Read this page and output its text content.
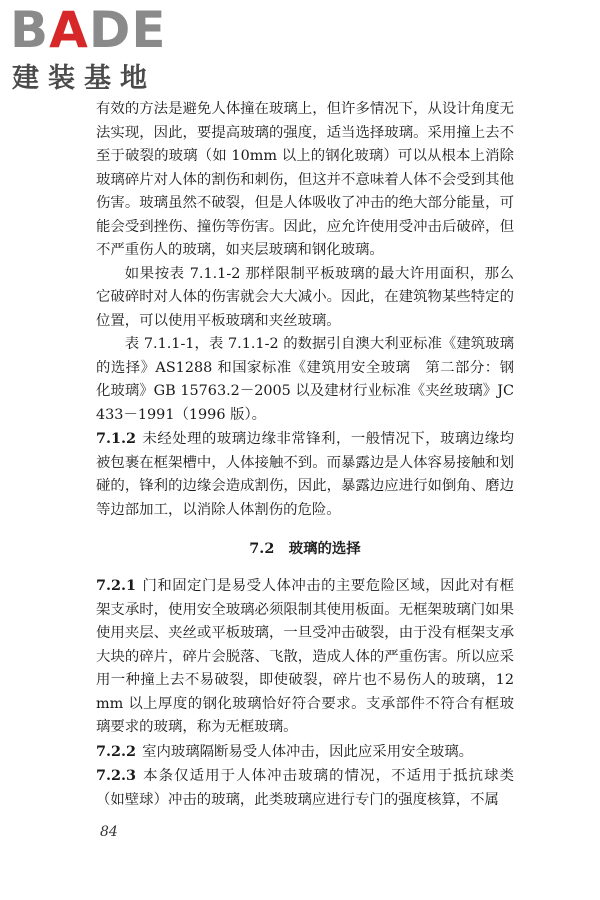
BADE
建装基地

有效的方法是避免人体撞在玻璃上，但许多情况下，从设计角度无法实现，因此，要提高玻璃的强度，适当选择玻璃。采用撞上去不至于破裂的玻璃（如 10mm 以上的钢化玻璃）可以从根本上消除玻璃碎片对人体的割伤和刺伤，但这并不意味着人体不会受到其他伤害。玻璃虽然不破裂，但是人体吸收了冲击的绝大部分能量，可能会受到挫伤、撞伤等伤害。因此，应允许使用受冲击后破碎，但不严重伤人的玻璃，如夹层玻璃和钢化玻璃。

如果按表 7.1.1-2 那样限制平板玻璃的最大许用面积，那么它破碎时对人体的伤害就会大大减小。因此，在建筑物某些特定的位置，可以使用平板玻璃和夹丝玻璃。

表 7.1.1-1，表 7.1.1-2 的数据引自澳大利亚标准《建筑玻璃的选择》AS1288 和国家标准《建筑用安全玻璃　第二部分：钢化玻璃》GB 15763.2－2005 以及建材行业标准《夹丝玻璃》JC 433－1991（1996 版）。

7.1.2 未经处理的玻璃边缘非常锋利，一般情况下，玻璃边缘均被包裹在框架槽中，人体接触不到。而暴露边是人体容易接触和划碰的，锋利的边缘会造成割伤，因此，暴露边应进行如倒角、磨边等边部加工，以消除人体割伤的危险。

7.2　玻璃的选择

7.2.1 门和固定门是易受人体冲击的主要危险区域，因此对有框架支承时，使用安全玻璃必须限制其使用板面。无框架玻璃门如果使用夹层、夹丝或平板玻璃，一旦受冲击破裂，由于没有框架支承大块的碎片，碎片会脱落、飞散，造成人体的严重伤害。所以应采用一种撞上去不易破裂，即使破裂，碎片也不易伤人的玻璃，12mm 以上厚度的钢化玻璃恰好符合要求。支承部件不符合有框玻璃要求的玻璃，称为无框玻璃。

7.2.2 室内玻璃隔断易受人体冲击，因此应采用安全玻璃。

7.2.3 本条仅适用于人体冲击玻璃的情况，不适用于抵抗球类（如壁球）冲击的玻璃，此类玻璃应进行专门的强度核算，不属

84
